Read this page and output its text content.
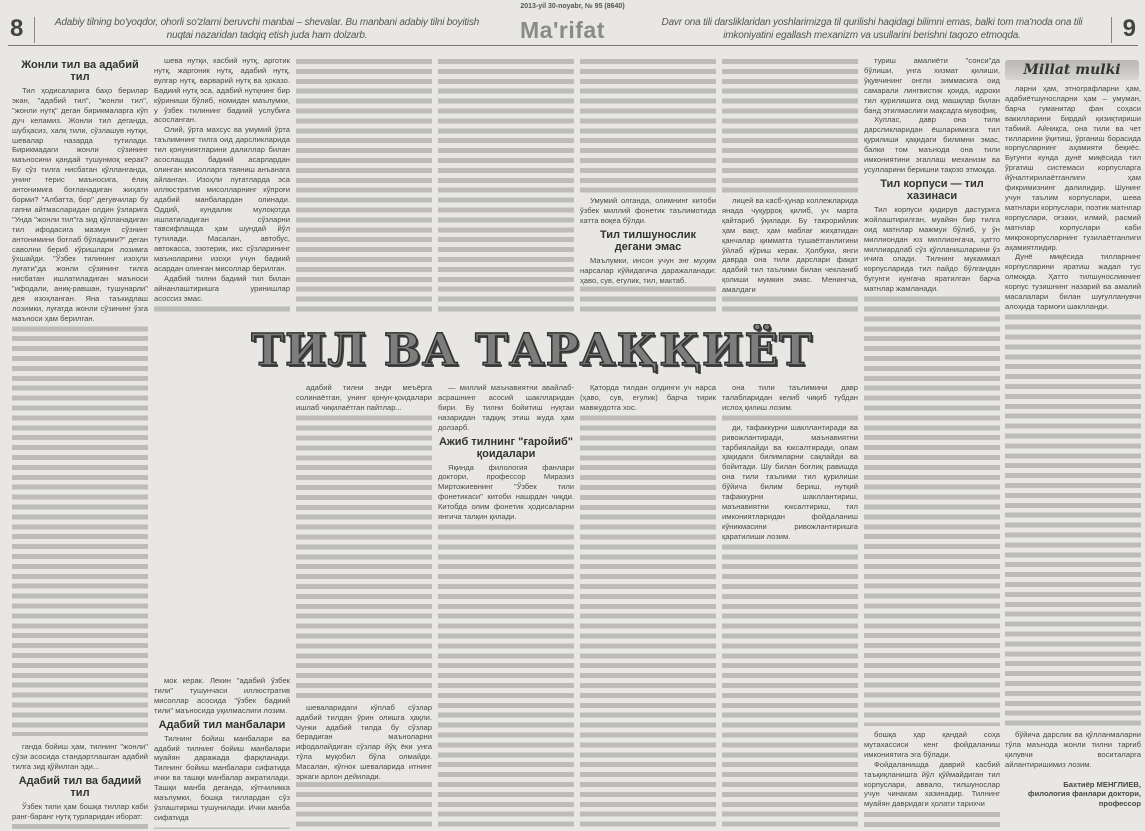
2013-yil 30-noyabr, № 95 (8640)
8	Adabiy tilning bo'yoqdor, ohorli so'zlarni beruvchi manbai – shevalar. Bu manbani adabiy tilni boyitish nuqtai nazaridan tadqiq etish juda ham dolzarb.	Ma'rifat	Davr ona tili darsliklaridan yoshlarimizga til qurilishi haqidagi bilimni emas, balki tom ma'noda ona tili imkoniyatini egallash mexanizm va usullarini berishni taqozo etmoqda.	9
Жонли тил ва адабий тил

Тил ҳодисаларига баҳо берилар экан, "адабий тил", "жонли тил", "жонли нутқ" деган бирикмаларга кўп дуч келамиз. Жонли тил деганда, шубҳасиз, халқ тили, сўзлашув нутқи, шевалар назарда тутилади. Бирикмадаги жонли сўзининг маъносини қандай тушунмоқ керак? Бу сўз тилга нисбатан қўлланганда, унинг терис маъносига, ёлиқ антонимига боғланадиган жиҳати борми? "Албатта, бор" дегувчилар бу гапни айтмасларидан олдин ўзларига "Унда "жонли тил"га зид қўлланадиган тил ифодасига мазмун сўзнинг антонимини боғлаб бўладими?" деган саволни бериб кўришлари лозимга ўхшайди. "Ўзбек тилининг изоҳли луғати"да жонли сўзининг тилга нисбатан ишлатиладиган маъноси "ифодали, аниқ-равшан, тушунарли" дея изоҳланган. Яна таъкидлаш лозимки, луғатда жонли сўзининг ўзга маъноси ҳам берилган.

ганда бойиш ҳам, тилнинг "жонли" сўзи асосида стандартлашган адабий тилга зид қўйилган эди...

Адабий тил ва бадиий тил

Ўзбек тили ҳам бошқа тиллар каби ранг-баранг нутқ турларидан иборат:

шева нутқи, касбий нутқ, арготик нутқ, жаргоник нутқ, адабий нутқ, вулгар нутқ, варварий нутқ ва ҳоказо. Бадиий нутқ эса, адабий нутқнинг бир кўриниши бўлиб, номидан маълумки, у ўзбек тилининг бадиий услубига асосланган.

Олий, ўрта махсус ва умумий ўрта таълимнинг тилга оид дарсликларида тил қонуниятларини далиллар билан асослашда бадиий асарлардан олинган мисолларга таяниш анъанага айланган. Изоҳли луғатларда эса иллюстратив мисолларнинг кўпроғи адабий манбалардан олинади. Оддий, кундалик мулоқотда ишлатиладиган сўзларни тавсифлашда ҳам шундай йўл тутилади. Масалан, автобус, автокасса, эзотерик, икс сўзларининг маъноларини изоҳи учун бадиий асардан олинган мисоллар берилган.

Адабий тилни бадиий тил билан айнанлаштиришга уринишлар асоссиз эмас.

мок керак. Лекин "адабий ўзбек тили" тушунчаси иллюстратив мисоллар асосида "ўзбек бадиий тили" маъносида уқилмаслиги лозим.

Адабий тил манбалари

Тилнинг бойиш манбалари ва адабий тилнинг бойиш манбалари муайян даражада фарқланади. Тилнинг бойиш манбалари сифатида ички ва ташқи манбалар ажратилади. Ташқи манба деганда, кўпчиликка маълумки, бошқа тиллардан сўз ўзлаштириш тушунилади. Ички манба сифатида

адабий тилни энди меъёрга солинаётган, унинг қонун-қоидалари ишлаб чиқилаётган пайтлар...

шеваларидаги кўплаб сўзлар адабий тилдан ўрин олишга ҳақли. Чунки адабий тилда бу сўзлар берадиган маъноларни ифодалайдиган сўзлар йўқ ёки унга тўла муқобил бўла олмайди. Масалан, кўгнок шеваларида итнинг эркаги арлон дейилади.

— миллий маънавиятни авайлаб-асрашнинг асосий шаклларидан бири. Бу тилни бойитиш нуқтаи назаридан тадқиқ этиш жуда ҳам долзарб.

Ажиб тилнинг "ғаройиб" қоидалари

Яқинда филология фанлари доктори, профессор Миразиз Миртожиевнинг "Ўзбек тили фонетикаси" китоби нашрдан чиқди. Китобда олим фонетик ҳодисаларни янгича талқин қилади.

Умумий олганда, олимнинг китоби ўзбек миллий фонетик таълимотида катта воқеа бўлди.

Тил тилшунослик дегани эмас

Маълумки, инсон учун энг муҳим нарсалар кўйидагича даражаланади: ҳаво, сув, егулик, тил, мактаб.

Қаторда тилдан олдинги уч нарса (ҳаво, сув, егулик) барча тирик мавжудотга хос.

лицей ва касб-ҳунар коллежларида янада чуқурроқ қилиб, уч марта қайтариб ўқилади. Бу такрорийлик ҳам вақт, ҳам маблағ жиҳатидан қанчалар қимматга тушаётганлигини ўйлаб кўриш керак. Ҳолбуки, янги даврда она тили дарслари фақат адабий тил таълими билан чекланиб қолиши мумкин эмас. Менингча, амалдаги

она тили таълимини давр талабларидан келиб чиқиб тубдан ислоҳ қилиш лозим.

ди, тафаккурни шакллантиради ва ривожлантиради, маънавиятни тарбиялайди ва юксалтиради, олам ҳақидаги билимларни сақлайди ва бойитади. Шу билан боғлиқ равишда она тили таълими тил қурилиши бўйича билим бериш, нутқий тафаккурни шакллантириш, маънавиятни юксалтириш, тил имкониятларидан фойдаланиш кўникмасини ривожлантиришга қаратилиши лозим.

туриш амалиёти "сонси"да бўлиши, унга хизмат қилиши, ўқувчининг онгли зиммасига оид самарали лингвистик қоида, идроки тил қурилишига оид машқлар билан банд этилмаслиги мақсадга мувофиқ.

Хуллас, давр она тили дарсликларидан ёшларимизга тил қурилиши ҳақидаги билимни эмас, балки том маънода она тили имкониятини эгаллаш механизм ва усулларини беришни тақозо этмоқда.

Тил корпуси — тил хазинаси

Тил корпуси қидирув дастурига жойлаштирилган, муайян бир тилга оид матнлар мажмуи бўлиб, у ўн миллиондан юз миллионгача, ҳатто миллиардлаб сўз қўлланишларини ўз ичига олади. Тилнинг мукаммал корпусларида тил пайдо бўлгандан бугунги кунгача яратилган барча матнлар жамланади.

бошқа ҳар қандай соҳа мутахассиси кенг фойдаланиш имкониятига эга бўлади.

Фойдаланишда даврий касбий таъқиқланишга йўл қўймайдиган тил корпуслари, аввало, тилшунослар учун чинакам хазинадир. Тилнинг муайян давридаги ҳолати тарихчи

Millat mulki

ларни ҳам, этнографларни ҳам, адабиётшуносларни ҳам – умуман, барча гуманитар фан соҳаси вакилларини бирдай қизиқтириши табиий. Айниқса, она тили ва чет тилларини ўқитиш, ўрганиш борасида корпусларнинг аҳамияти беқиёс. Бугунги кунда дунё миқёсида тил ўргатиш системаси корпусларга йўналтирилаётганлиги ҳам фикримизнинг далилидир. Шунинг учун таълим корпуслари, шева матнлари корпуслари, поэтик матнлар корпуслари, оғзаки, илмий, расмий матнлар корпуслари каби микрокорпусларнинг тузилаётганлиги аҳамиятлидир.

Дунё миқёсида тилларнинг корпусларини яратиш жадал тус олмоқда. Ҳатто тилшуносликнинг корпус тузишнинг назарий ва амалий масалалари билан шуғулланувчи алоҳида тармоғи шаклланди.

бўйича дарслик ва қўлланмаларни тўла маънода жонли тилни тарғиб қилувчи воситаларга айлантиришимиз лозим.

Бахтиёр МЕНГЛИЕВ,
филология фанлари доктори,
профессор
ТИЛ ВА ТАРАҚҚИЁТ
